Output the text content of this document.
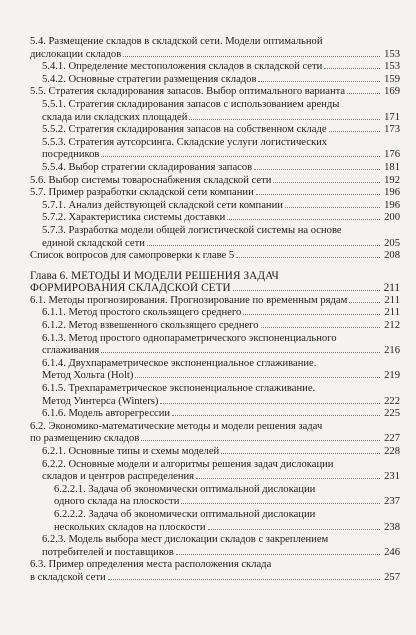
5.4. Размещение складов в складской сети. Модели оптимальной
дислокации складов	153
5.4.1. Определение местоположения складов в складской сети	153
5.4.2. Основные стратегии размещения складов	159
5.5. Стратегия складирования запасов. Выбор оптимального варианта	169
5.5.1. Стратегия складирования запасов с использованием аренды
склада или складских площадей	171
5.5.2. Стратегия складирования запасов на собственном складе	173
5.5.3. Стратегия аутсорсинга. Складские услуги логистических
посредников	176
5.5.4. Выбор стратегии складирования запасов	181
5.6. Выбор системы товароснабжения складской сети	192
5.7. Пример разработки складской сети компании	196
5.7.1. Анализ действующей складской сети компании	196
5.7.2. Характеристика системы доставки	200
5.7.3. Разработка модели общей логистической системы на основе
единой складской сети	205
Список вопросов для самопроверки к главе 5	208
Глава 6. МЕТОДЫ И МОДЕЛИ РЕШЕНИЯ ЗАДАЧ
ФОРМИРОВАНИЯ СКЛАДСКОЙ СЕТИ	211
6.1. Методы прогнозирования. Прогнозирование по временным рядам	211
6.1.1. Метод простого скользящего среднего	211
6.1.2. Метод взвешенного скользящего среднего	212
6.1.3. Метод простого однопараметрического экспоненциального
сглаживания	216
6.1.4. Двухпараметрическое экспоненциальное сглаживание.
Метод Хольта (Holt)	219
6.1.5. Трехпараметрическое экспоненциальное сглаживание.
Метод Уинтерса (Winters)	222
6.1.6. Модель авторегрессии	225
6.2. Экономико-математические методы и модели решения задач
по размещению складов	227
6.2.1. Основные типы и схемы моделей	228
6.2.2. Основные модели и алгоритмы решения задач дислокации
складов и центров распределения	231
6.2.2.1. Задача об экономически оптимальной дислокации
одного склада на плоскости	237
6.2.2.2. Задача об экономически оптимальной дислокации
нескольких складов на плоскости	238
6.2.3. Модель выбора мест дислокации складов с закреплением
потребителей и поставщиков	246
6.3. Пример определения места расположения склада
в складской сети	257
